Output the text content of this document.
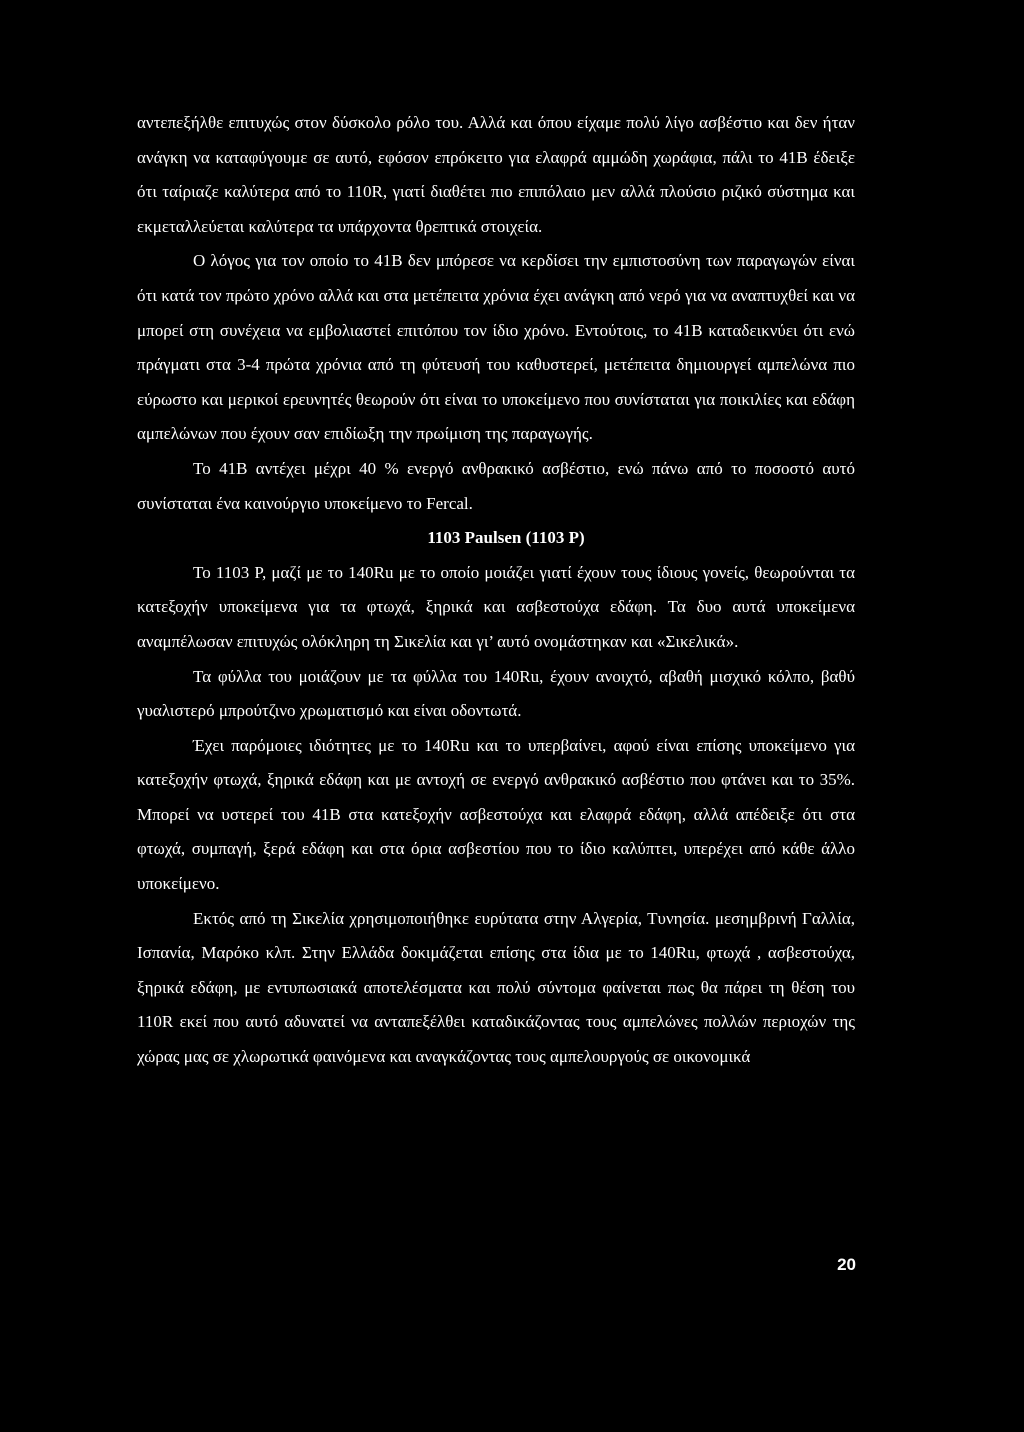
αντεπεξήλθε επιτυχώς στον δύσκολο ρόλο του. Αλλά και όπου είχαμε πολύ λίγο ασβέστιο και δεν ήταν ανάγκη να καταφύγουμε σε αυτό, εφόσον επρόκειτο για ελαφρά αμμώδη χωράφια, πάλι το 41Β έδειξε ότι ταίριαζε καλύτερα από το 110R, γιατί διαθέτει πιο επιπόλαιο μεν αλλά πλούσιο ριζικό σύστημα και εκμεταλλεύεται καλύτερα τα υπάρχοντα θρεπτικά στοιχεία.

Ο λόγος για τον οποίο το 41Β δεν μπόρεσε να κερδίσει την εμπιστοσύνη των παραγωγών είναι ότι κατά τον πρώτο χρόνο αλλά και στα μετέπειτα χρόνια έχει ανάγκη από νερό για να αναπτυχθεί και να μπορεί στη συνέχεια να εμβολιαστεί επιτόπου τον ίδιο χρόνο. Εντούτοις, το 41Β καταδεικνύει ότι ενώ πράγματι στα 3-4 πρώτα χρόνια από τη φύτευσή του καθυστερεί, μετέπειτα δημιουργεί αμπελώνα πιο εύρωστο και μερικοί ερευνητές θεωρούν ότι είναι το υποκείμενο που συνίσταται για ποικιλίες και εδάφη αμπελώνων που έχουν σαν επιδίωξη την πρωίμιση της παραγωγής.

Το 41Β αντέχει μέχρι 40 % ενεργό ανθρακικό ασβέστιο, ενώ πάνω από το ποσοστό αυτό συνίσταται ένα καινούργιο υποκείμενο το Fercal.

1103 Paulsen (1103 P)

Το 1103 P, μαζί με το 140Ru με το οποίο μοιάζει γιατί έχουν τους ίδιους γονείς, θεωρούνται τα κατεξοχήν υποκείμενα για τα φτωχά, ξηρικά και ασβεστούχα εδάφη. Τα δυο αυτά υποκείμενα αναμπέλωσαν επιτυχώς ολόκληρη τη Σικελία και γι’ αυτό ονομάστηκαν και «Σικελικά».

Τα φύλλα του μοιάζουν με τα φύλλα του 140Ru, έχουν ανοιχτό, αβαθή μισχικό κόλπο, βαθύ γυαλιστερό μπρούτζινο χρωματισμό και είναι οδοντωτά.

Έχει παρόμοιες ιδιότητες με το 140Ru και το υπερβαίνει, αφού είναι επίσης υποκείμενο για κατεξοχήν φτωχά, ξηρικά εδάφη και με αντοχή σε ενεργό ανθρακικό ασβέστιο που φτάνει και το 35%. Μπορεί να υστερεί του 41Β στα κατεξοχήν ασβεστούχα και ελαφρά εδάφη, αλλά απέδειξε ότι στα φτωχά, συμπαγή, ξερά εδάφη και στα όρια ασβεστίου που το ίδιο καλύπτει, υπερέχει από κάθε άλλο υποκείμενο.

Εκτός από τη Σικελία χρησιμοποιήθηκε ευρύτατα στην Αλγερία, Τυνησία. μεσημβρινή Γαλλία, Ισπανία, Μαρόκο κλπ. Στην Ελλάδα δοκιμάζεται επίσης στα ίδια με το 140Ru, φτωχά , ασβεστούχα, ξηρικά εδάφη, με εντυπωσιακά αποτελέσματα και πολύ σύντομα φαίνεται πως θα πάρει τη θέση του 110R εκεί που αυτό αδυνατεί να ανταπεξέλθει καταδικάζοντας τους αμπελώνες πολλών περιοχών της χώρας μας σε χλωρωτικά φαινόμενα και αναγκάζοντας τους αμπελουργούς σε οικονομικά

20
